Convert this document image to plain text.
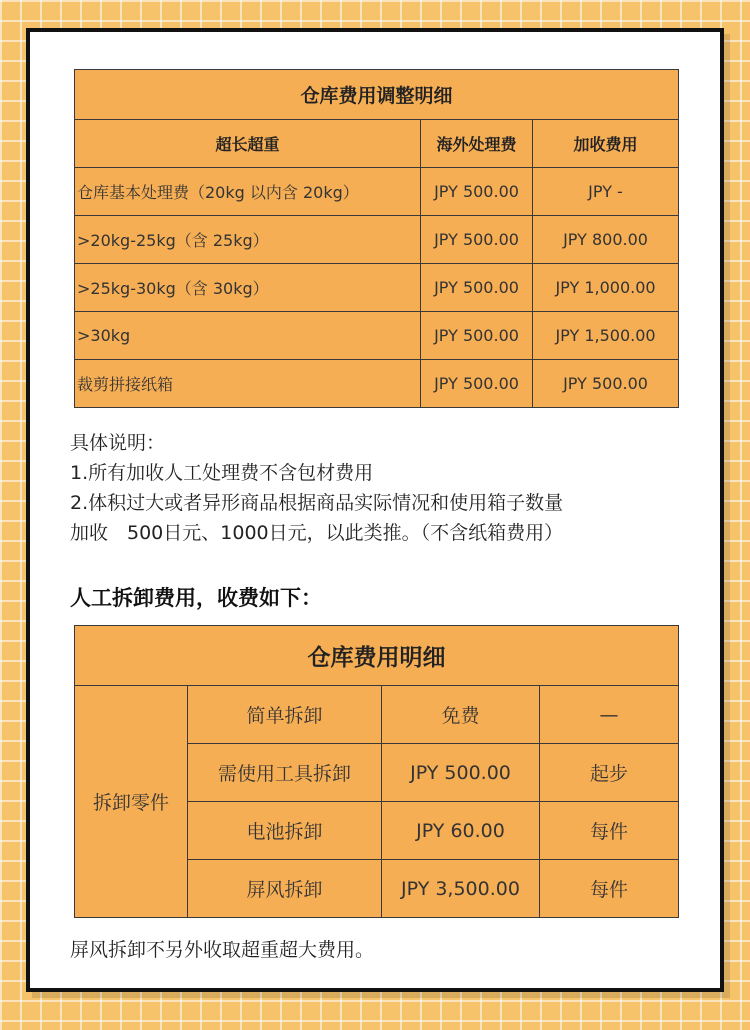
仓库费用调整明细		
超长超重	海外处理费	加收费用
仓库基本处理费（20kg 以内含 20kg）	JPY 500.00	JPY -
>20kg-25kg（含 25kg）	JPY 500.00	JPY 800.00
>25kg-30kg（含 30kg）	JPY 500.00	JPY 1,000.00
>30kg	JPY 500.00	JPY 1,500.00
裁剪拼接纸箱	JPY 500.00	JPY 500.00
具体说明：
1.所有加收人工处理费不含包材费用
2.体积过大或者异形商品根据商品实际情况和使用箱子数量
加收　500日元、1000日元，以此类推。（不含纸箱费用）
人工拆卸费用，收费如下：
仓库费用明细			
拆卸零件	简单拆卸	免费	—
	需使用工具拆卸	JPY 500.00	起步
	电池拆卸	JPY 60.00	每件
	屏风拆卸	JPY 3,500.00	每件
屏风拆卸不另外收取超重超大费用。
